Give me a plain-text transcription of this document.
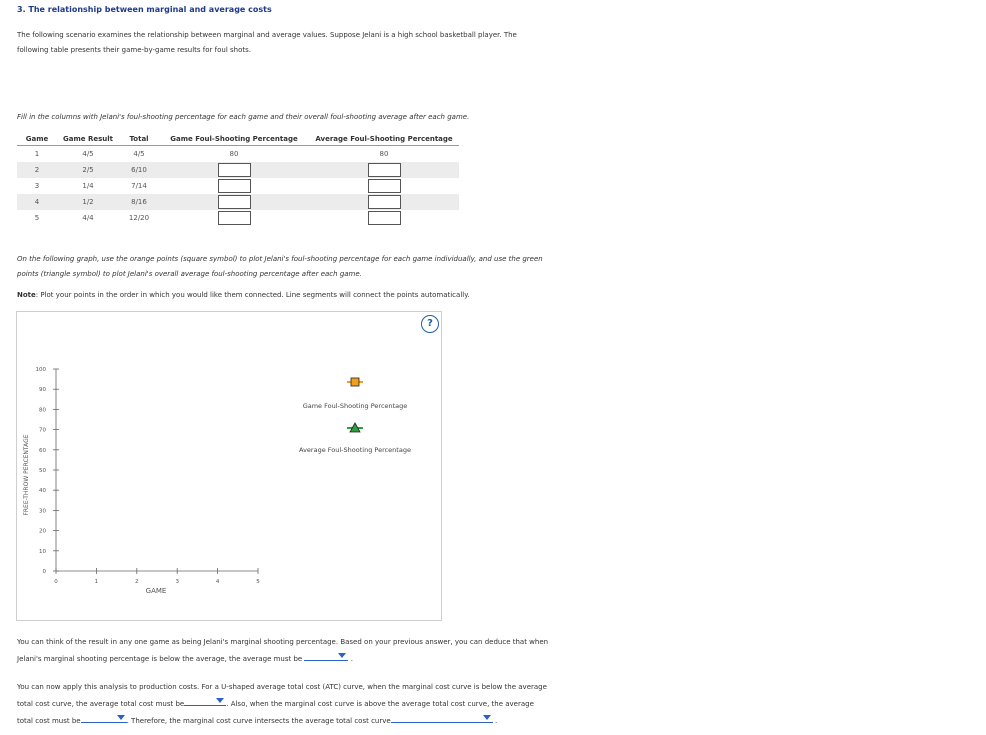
3. The relationship between marginal and average costs
The following scenario examines the relationship between marginal and average values. Suppose Jelani is a high school basketball player. The
following table presents their game-by-game results for foul shots.
Fill in the columns with Jelani's foul-shooting percentage for each game and their overall foul-shooting average after each game.
Game	Game Result	Total	Game Foul-Shooting Percentage	Average Foul-Shooting Percentage
1	4/5	4/5	80	80
2	2/5	6/10		
3	1/4	7/14		
4	1/2	8/16		
5	4/4	12/20		
On the following graph, use the orange points (square symbol) to plot Jelani's foul-shooting percentage for each game individually, and use the green
points (triangle symbol) to plot Jelani's overall average foul-shooting percentage after each game.
Note: Plot your points in the order in which you would like them connected. Line segments will connect the points automatically.
?
0
10
20
30
40
50
60
70
80
90
100
0	1	2	3	4	5
FREE-THROW PERCENTAGE
GAME
Game Foul-Shooting Percentage
Average Foul-Shooting Percentage
You can think of the result in any one game as being Jelani's marginal shooting percentage. Based on your previous answer, you can deduce that when
Jelani's marginal shooting percentage is below the average, the average must be	.
You can now apply this analysis to production costs. For a U-shaped average total cost (ATC) curve, when the marginal cost curve is below the average
total cost curve, the average total cost must be	. Also, when the marginal cost curve is above the average total cost curve, the average
total cost must be	. Therefore, the marginal cost curve intersects the average total cost curve	.
